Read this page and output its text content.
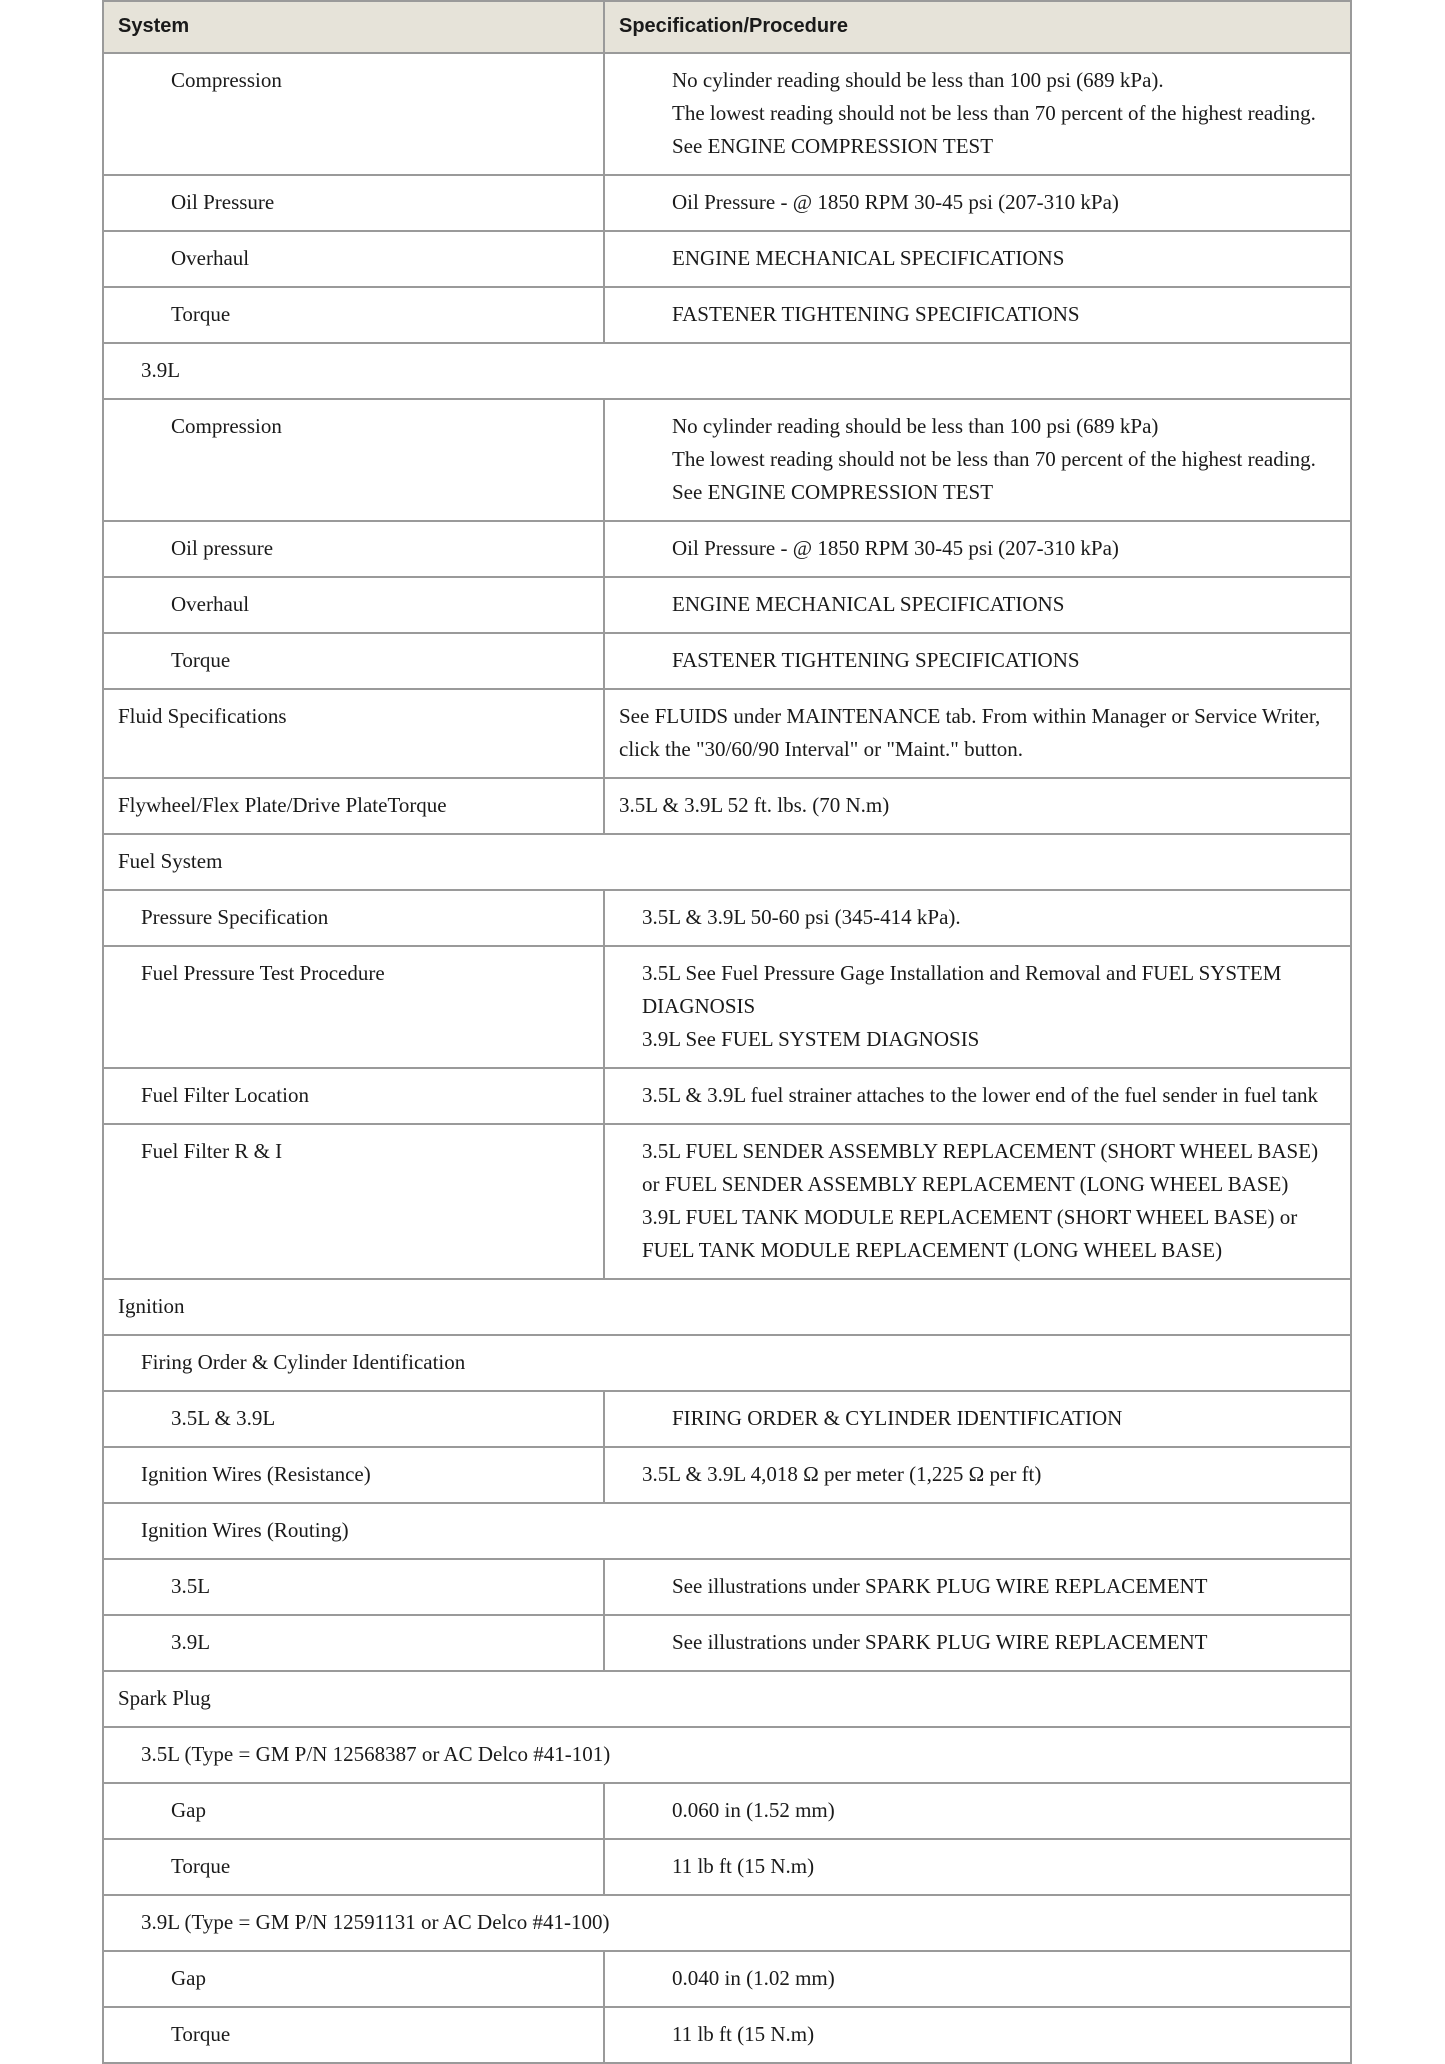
System	Specification/Procedure
Compression	No cylinder reading should be less than 100 psi (689 kPa).
The lowest reading should not be less than 70 percent of the highest reading.
See ENGINE COMPRESSION TEST

Oil Pressure	Oil Pressure - @ 1850 RPM 30-45 psi (207-310 kPa)

Overhaul	ENGINE MECHANICAL SPECIFICATIONS

Torque	FASTENER TIGHTENING SPECIFICATIONS

3.9L	
Compression	No cylinder reading should be less than 100 psi (689 kPa)
The lowest reading should not be less than 70 percent of the highest reading.
See ENGINE COMPRESSION TEST

Oil pressure	Oil Pressure - @ 1850 RPM 30-45 psi (207-310 kPa)

Overhaul	ENGINE MECHANICAL SPECIFICATIONS

Torque	FASTENER TIGHTENING SPECIFICATIONS

Fluid Specifications	See FLUIDS under MAINTENANCE tab. From within Manager or Service Writer, click the "30/60/90 Interval" or "Maint." button.

Flywheel/Flex Plate/Drive PlateTorque	3.5L & 3.9L 52 ft. lbs. (70 N.m)

Fuel System	
Pressure Specification	3.5L & 3.9L 50-60 psi (345-414 kPa).

Fuel Pressure Test Procedure	3.5L See Fuel Pressure Gage Installation and Removal and FUEL SYSTEM DIAGNOSIS
3.9L See FUEL SYSTEM DIAGNOSIS

Fuel Filter Location	3.5L & 3.9L fuel strainer attaches to the lower end of the fuel sender in fuel tank

Fuel Filter R & I	3.5L FUEL SENDER ASSEMBLY REPLACEMENT (SHORT WHEEL BASE) or FUEL SENDER ASSEMBLY REPLACEMENT (LONG WHEEL BASE)
3.9L FUEL TANK MODULE REPLACEMENT (SHORT WHEEL BASE) or FUEL TANK MODULE REPLACEMENT (LONG WHEEL BASE)

Ignition	
Firing Order & Cylinder Identification	
3.5L & 3.9L	FIRING ORDER & CYLINDER IDENTIFICATION

Ignition Wires (Resistance)	3.5L & 3.9L 4,018 Ω per meter (1,225 Ω per ft)

Ignition Wires (Routing)	
3.5L	See illustrations under SPARK PLUG WIRE REPLACEMENT

3.9L	See illustrations under SPARK PLUG WIRE REPLACEMENT

Spark Plug	
3.5L (Type = GM P/N 12568387 or AC Delco #41-101)	
Gap	0.060 in (1.52 mm)

Torque	11 lb ft (15 N.m)

3.9L (Type = GM P/N 12591131 or AC Delco #41-100)	
Gap	0.040 in (1.02 mm)

Torque	11 lb ft (15 N.m)
